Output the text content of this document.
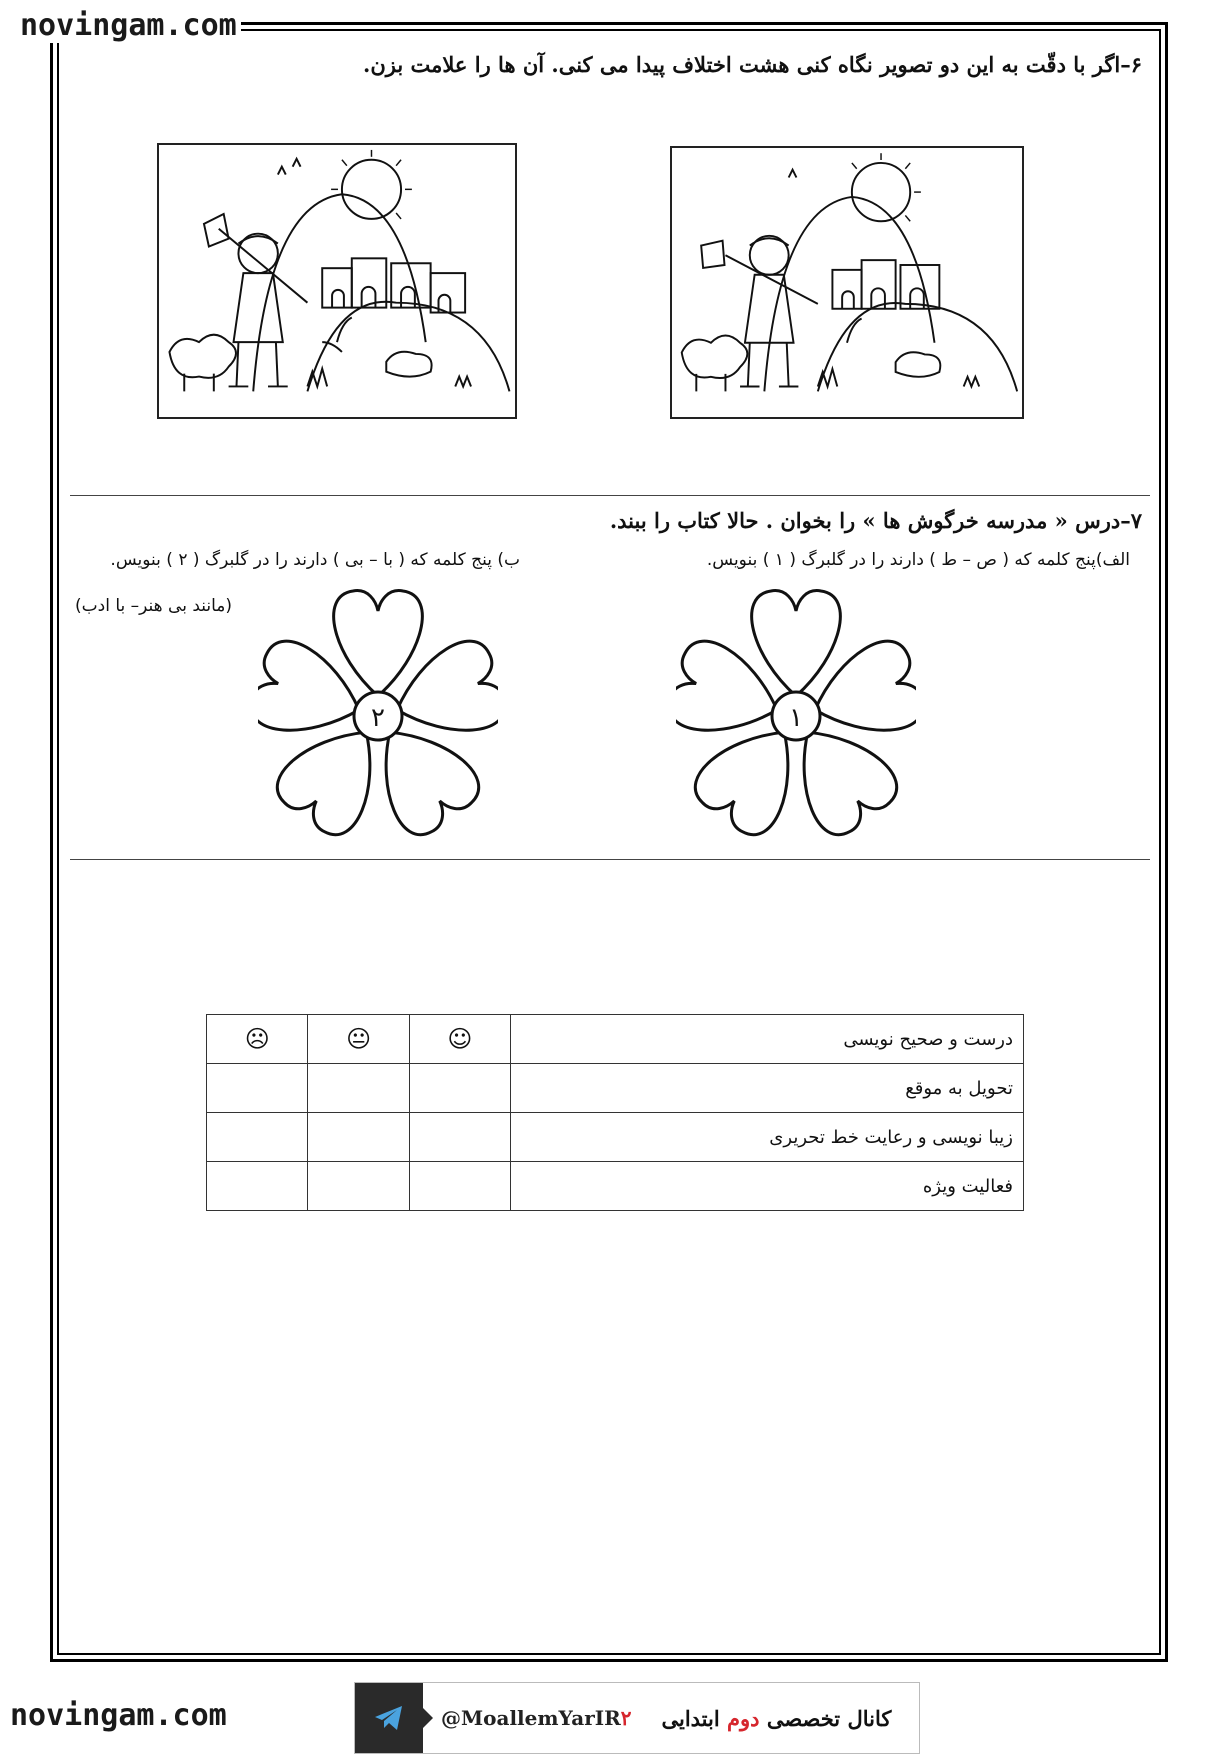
novingam.com
۶–اگر با دقّت به این دو تصویر نگاه کنی هشت اختلاف پیدا می کنی. آن ها را علامت بزن.
۷–درس « مدرسه خرگوش ها » را بخوان . حالا کتاب را ببند.
الف)پنج کلمه که ( ص – ط ) دارند را در گلبرگ ( ۱ ) بنویس.
ب) پنج کلمه که ( با – بی ) دارند را در گلبرگ ( ۲ ) بنویس.
(مانند بی هنر– با ادب)
۲	۱
درست و صحیح نویسی	☺	😐	☹
تحویل به موقع			
زیبا نویسی و رعایت خط تحریری			
فعالیت ویژه			
novingam.com	@MoallemYarIR۲	کانال تخصصی دوم ابتدایی
